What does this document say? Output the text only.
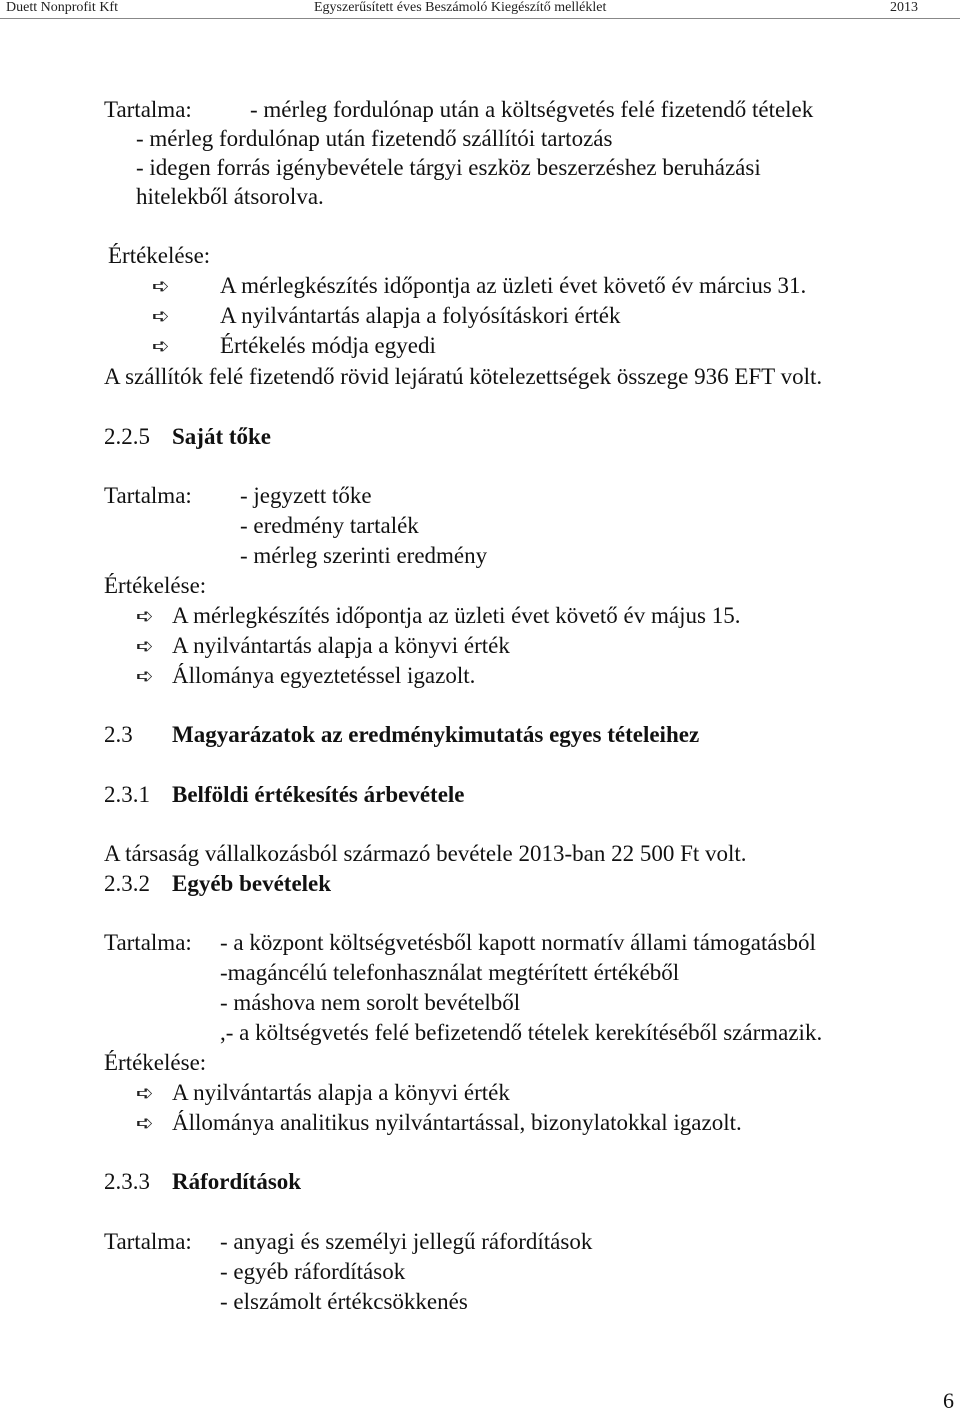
Duett Nonprofit Kft	Egyszerűsített éves Beszámoló Kiegészítő melléklet	2013
Tartalma:	- mérleg fordulónap után a költségvetés felé fizetendő tételek
- mérleg fordulónap után fizetendő szállítói tartozás
- idegen forrás igénybevétele tárgyi eszköz beszerzéshez beruházási
hitelekből átsorolva.
Értékelése:
➪ A mérlegkészítés időpontja az üzleti évet követő év március 31.
➪ A nyilvántartás alapja a folyósításkori érték
➪ Értékelés módja egyedi
A szállítók felé fizetendő rövid lejáratú kötelezettségek összege 936 EFT volt.
2.2.5 Saját tőke
Tartalma: - jegyzett tőke
- eredmény tartalék
- mérleg szerinti eredmény
Értékelése:
➪ A mérlegkészítés időpontja az üzleti évet követő év május 15.
➪ A nyilvántartás alapja a könyvi érték
➪ Állománya egyeztetéssel igazolt.
2.3 Magyarázatok az eredménykimutatás egyes tételeihez
2.3.1 Belföldi értékesítés árbevétele
A társaság vállalkozásból származó bevétele 2013-ban 22 500 Ft volt.
2.3.2 Egyéb bevételek
Tartalma: - a központ költségvetésből kapott normatív állami támogatásból
-magáncélú telefonhasználat megtérített értékéből
- máshova nem sorolt bevételből
,- a költségvetés felé befizetendő tételek kerekítéséből származik.
Értékelése:
➪ A nyilvántartás alapja a könyvi érték
➪ Állománya analitikus nyilvántartással, bizonylatokkal igazolt.
2.3.3 Ráfordítások
Tartalma: - anyagi és személyi jellegű ráfordítások
- egyéb ráfordítások
- elszámolt értékcsökkenés
6
